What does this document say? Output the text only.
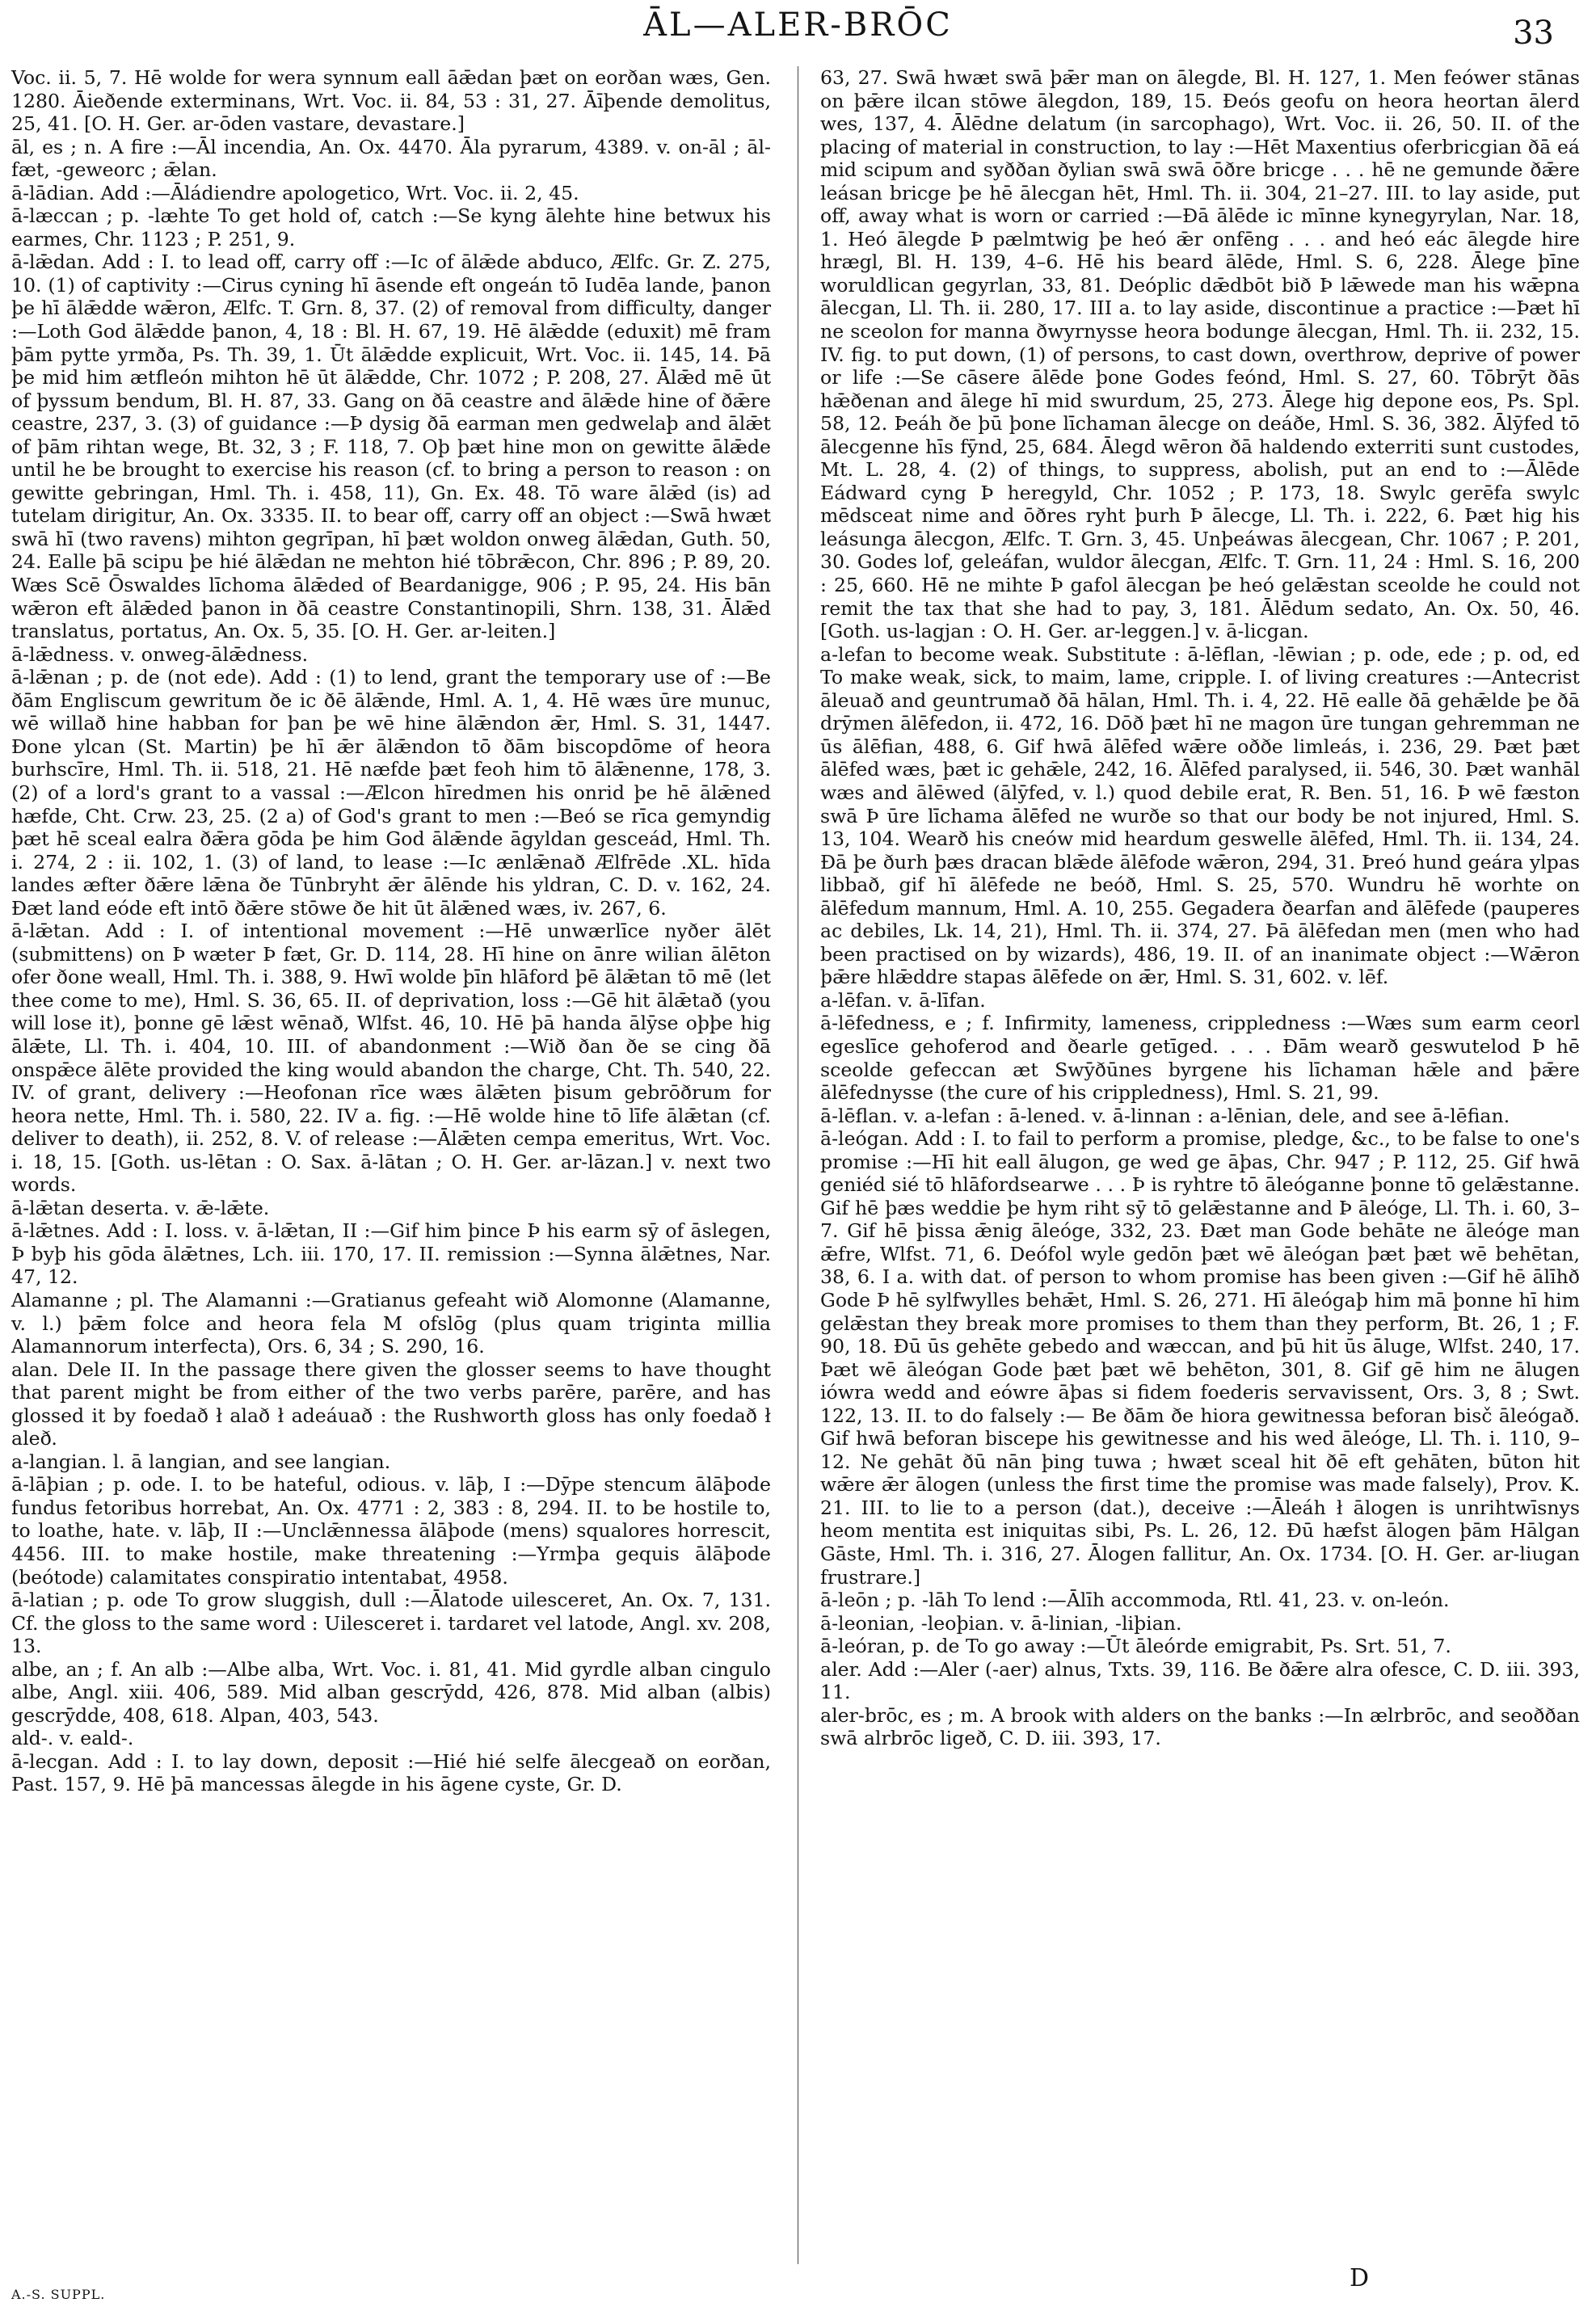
ĀL—ALER-BRŌC	33

Voc. ii. 5, 7. Hē wolde for wera synnum eall āǣdan þæt on eorðan wæs, Gen. 1280. Āieðende exterminans, Wrt. Voc. ii. 84, 53 : 31, 27. Āīþende demolitus, 25, 41. [O. H. Ger. ar-ōden vastare, devastare.]

āl, es ; n. A fire :—Āl incendia, An. Ox. 4470. Āla pyrarum, 4389. v. on-āl ; āl-fæt, -geweorc ; ǣlan.

ā-lādian. Add :—Āládiendre apologetico, Wrt. Voc. ii. 2, 45.

ā-læccan ; p. -læhte To get hold of, catch :—Se kyng ālehte hine betwux his earmes, Chr. 1123 ; P. 251, 9.

ā-lǣdan. Add : I. to lead off, carry off :—Ic of ālǣde abduco, Ælfc. Gr. Z. 275, 10. (1) of captivity :—Cirus cyning hī āsende eft ongeán tō Iudēa lande, þanon þe hī ālǣdde wǣron, Ælfc. T. Grn. 8, 37. (2) of removal from difficulty, danger :—Loth God ālǣdde þanon, 4, 18 : Bl. H. 67, 19. Hē ālǣdde (eduxit) mē fram þām pytte yrmða, Ps. Th. 39, 1. Ūt ālǣdde explicuit, Wrt. Voc. ii. 145, 14. Þā þe mid him ætfleón mihton hē ūt ālǣdde, Chr. 1072 ; P. 208, 27. Ālǣd mē ūt of þyssum bendum, Bl. H. 87, 33. Gang on ðā ceastre and ālǣde hine of ðǣre ceastre, 237, 3. (3) of guidance :—Þ dysig ðā earman men gedwelaþ and ālǣt of þām rihtan wege, Bt. 32, 3 ; F. 118, 7. Oþ þæt hine mon on gewitte ālǣde until he be brought to exercise his reason (cf. to bring a person to reason : on gewitte gebringan, Hml. Th. i. 458, 11), Gn. Ex. 48. Tō ware ālǣd (is) ad tutelam dirigitur, An. Ox. 3335. II. to bear off, carry off an object :—Swā hwæt swā hī (two ravens) mihton gegrīpan, hī þæt woldon onweg ālǣdan, Guth. 50, 24. Ealle þā scipu þe hié ālǣdan ne mehton hié tōbrǣcon, Chr. 896 ; P. 89, 20. Wæs Scē Ōswaldes līchoma ālǣded of Beardanigge, 906 ; P. 95, 24. His bān wǣron eft ālǣded þanon in ðā ceastre Constantinopili, Shrn. 138, 31. Ālǣd translatus, portatus, An. Ox. 5, 35. [O. H. Ger. ar-leiten.]

ā-lǣdness. v. onweg-ālǣdness.

ā-lǣnan ; p. de (not ede). Add : (1) to lend, grant the temporary use of :—Be ðām Engliscum gewritum ðe ic ðē ālǣnde, Hml. A. 1, 4. Hē wæs ūre munuc, wē willað hine habban for þan þe wē hine ālǣndon ǣr, Hml. S. 31, 1447. Ðone ylcan (St. Martin) þe hī ǣr ālǣndon tō ðām biscopdōme of heora burhscīre, Hml. Th. ii. 518, 21. Hē næfde þæt feoh him tō ālǣnenne, 178, 3. (2) of a lord's grant to a vassal :—Ælcon hīredmen his onrid þe hē ālǣned hæfde, Cht. Crw. 23, 25. (2 a) of God's grant to men :—Beó se rīca gemyndig þæt hē sceal ealra ðǣra gōda þe him God ālǣnde āgyldan gesceád, Hml. Th. i. 274, 2 : ii. 102, 1. (3) of land, to lease :—Ic ænlǣnað Ælfrēde .XL. hīda landes æfter ðǣre lǣna ðe Tūnbryht ǣr ālēnde his yldran, C. D. v. 162, 24. Ðæt land eóde eft intō ðǣre stōwe ðe hit ūt ālǣned wæs, iv. 267, 6.

ā-lǣtan. Add : I. of intentional movement :—Hē unwærlīce nyðer ālēt (submittens) on Þ wæter Þ fæt, Gr. D. 114, 28. Hī hine on ānre wilian ālēton ofer ðone weall, Hml. Th. i. 388, 9. Hwī wolde þīn hlāford þē ālǣtan tō mē (let thee come to me), Hml. S. 36, 65. II. of deprivation, loss :—Gē hit ālǣtað (you will lose it), þonne gē lǣst wēnað, Wlfst. 46, 10. Hē þā handa ālȳse oþþe hig ālǣte, Ll. Th. i. 404, 10. III. of abandonment :—Wið ðan ðe se cing ðā onspǣce ālēte provided the king would abandon the charge, Cht. Th. 540, 22. IV. of grant, delivery :—Heofonan rīce wæs ālǣten þisum gebrōðrum for heora nette, Hml. Th. i. 580, 22. IV a. fig. :—Hē wolde hine tō līfe ālǣtan (cf. deliver to death), ii. 252, 8. V. of release :—Ālǣten cempa emeritus, Wrt. Voc. i. 18, 15. [Goth. us-lētan : O. Sax. ā-lātan ; O. H. Ger. ar-lāzan.] v. next two words.

ā-lǣtan deserta. v. ǣ-lǣte.

ā-lǣtnes. Add : I. loss. v. ā-lǣtan, II :—Gif him þince Þ his earm sȳ of āslegen, Þ byþ his gōda ālǣtnes, Lch. iii. 170, 17. II. remission :—Synna ālǣtnes, Nar. 47, 12.

Alamanne ; pl. The Alamanni :—Gratianus gefeaht wið Alomonne (Alamanne, v. l.) þǣm folce and heora fela M ofslōg (plus quam triginta millia Alamannorum interfecta), Ors. 6, 34 ; S. 290, 16.

alan. Dele II. In the passage there given the glosser seems to have thought that parent might be from either of the two verbs parēre, parēre, and has glossed it by foedað ł alað ł adeáuað : the Rushworth gloss has only foedað ł aleð.

a-langian. l. ā langian, and see langian.

ā-lāþian ; p. ode. I. to be hateful, odious. v. lāþ, I :—Dȳpe stencum ālāþode fundus fetoribus horrebat, An. Ox. 4771 : 2, 383 : 8, 294. II. to be hostile to, to loathe, hate. v. lāþ, II :—Unclǣnnessa ālāþode (mens) squalores horrescit, 4456. III. to make hostile, make threatening :—Yrmþa gequis ālāþode (beótode) calamitates conspiratio intentabat, 4958.

ā-latian ; p. ode To grow sluggish, dull :—Ālatode uilesceret, An. Ox. 7, 131. Cf. the gloss to the same word : Uilesceret i. tardaret vel latode, Angl. xv. 208, 13.

albe, an ; f. An alb :—Albe alba, Wrt. Voc. i. 81, 41. Mid gyrdle alban cingulo albe, Angl. xiii. 406, 589. Mid alban gescrȳdd, 426, 878. Mid alban (albis) gescrȳdde, 408, 618. Alpan, 403, 543.

ald-. v. eald-.

ā-lecgan. Add : I. to lay down, deposit :—Hié hié selfe ālecgeað on eorðan, Past. 157, 9. Hē þā mancessas ālegde in his āgene cyste, Gr. D.

63, 27. Swā hwæt swā þǣr man on ālegde, Bl. H. 127, 1. Men feówer stānas on þǣre ilcan stōwe ālegdon, 189, 15. Ðeós geofu on heora heortan āleгd wes, 137, 4. Ālēdne delatum (in sarcophago), Wrt. Voc. ii. 26, 50. II. of the placing of material in construction, to lay :—Hēt Maxentius oferbricgian ðā eá mid scipum and syððan ðylian swā swā ōðre bricge . . . hē ne gemunde ðǣre leásan bricge þe hē ālecgan hēt, Hml. Th. ii. 304, 21–27. III. to lay aside, put off, away what is worn or carried :—Ðā ālēde ic mīnne kynegyrylan, Nar. 18, 1. Heó ālegde Þ pælmtwig þe heó ǣr onfēng . . . and heó eác ālegde hire hrægl, Bl. H. 139, 4–6. Hē his beard ālēde, Hml. S. 6, 228. Ālege þīne woruldlican gegyrlan, 33, 81. Deóplic dǣdbōt bið Þ lǣwede man his wǣpna ālecgan, Ll. Th. ii. 280, 17. III a. to lay aside, discontinue a practice :—Þæt hī ne sceolon for manna ðwyrnysse heora bodunge ālecgan, Hml. Th. ii. 232, 15. IV. fig. to put down, (1) of persons, to cast down, overthrow, deprive of power or life :—Se cāsere ālēde þone Godes feónd, Hml. S. 27, 60. Tōbrȳt ðās hǣðenan and ālege hī mid swurdum, 25, 273. Ālege hig depone eos, Ps. Spl. 58, 12. Þeáh ðe þū þone līchaman ālecge on deáðe, Hml. S. 36, 382. Ālȳfed tō ālecgenne hīs fȳnd, 25, 684. Ālegd wēron ðā haldendo exterriti sunt custodes, Mt. L. 28, 4. (2) of things, to suppress, abolish, put an end to :—Ālēde Eádward cyng Þ heregyld, Chr. 1052 ; P. 173, 18. Swylc gerēfa swylc mēdsceat nime and ōðres ryht þurh Þ ālecge, Ll. Th. i. 222, 6. Þæt hig his leásunga ālecgon, Ælfc. T. Grn. 3, 45. Unþeáwas ālecgean, Chr. 1067 ; P. 201, 30. Godes lof, geleáfan, wuldor ālecgan, Ælfc. T. Grn. 11, 24 : Hml. S. 16, 200 : 25, 660. Hē ne mihte Þ gafol ālecgan þe heó gelǣstan sceolde he could not remit the tax that she had to pay, 3, 181. Ālēdum sedato, An. Ox. 50, 46. [Goth. us-lagjan : O. H. Ger. ar-leggen.] v. ā-licgan.

a-lefan to become weak. Substitute : ā-lēflan, -lēwian ; p. ode, ede ; p. od, ed To make weak, sick, to maim, lame, cripple. I. of living creatures :—Antecrist āleuað and geuntrumað ðā hālan, Hml. Th. i. 4, 22. Hē ealle ðā gehǣlde þe ðā drȳmen ālēfedon, ii. 472, 16. Dōð þæt hī ne magon ūre tungan gehremman ne ūs ālēfian, 488, 6. Gif hwā ālēfed wǣre oððe limleás, i. 236, 29. Þæt þæt ālēfed wæs, þæt ic gehǣle, 242, 16. Ālēfed paralysed, ii. 546, 30. Þæt wanhāl wæs and ālēwed (ālȳfed, v. l.) quod debile erat, R. Ben. 51, 16. Þ wē fæston swā Þ ūre līchama ālēfed ne wurðe so that our body be not injured, Hml. S. 13, 104. Wearð his cneów mid heardum geswelle ālēfed, Hml. Th. ii. 134, 24. Ðā þe ðurh þæs dracan blǣde ālēfode wǣron, 294, 31. Þreó hund geára ylpas libbað, gif hī ālēfede ne beóð, Hml. S. 25, 570. Wundru hē worhte on ālēfedum mannum, Hml. A. 10, 255. Gegadera ðearfan and ālēfede (pauperes ac debiles, Lk. 14, 21), Hml. Th. ii. 374, 27. Þā ālēfedan men (men who had been practised on by wizards), 486, 19. II. of an inanimate object :—Wǣron þǣre hlǣddre stapas ālēfede on ǣr, Hml. S. 31, 602. v. lēf.

a-lēfan. v. ā-līfan.

ā-lēfedness, e ; f. Infirmity, lameness, crippledness :—Wæs sum earm ceorl egeslīce gehoferod and ðearle getīged. . . . Ðām wearð geswutelod Þ hē sceolde gefeccan æt Swȳðūnes byrgene his līchaman hǣle and þǣre ālēfednysse (the cure of his crippledness), Hml. S. 21, 99.

ā-lēflan. v. a-lefan : ā-lened. v. ā-linnan : a-lēnian, dele, and see ā-lēfian.

ā-leógan. Add : I. to fail to perform a promise, pledge, &c., to be false to one's promise :—Hī hit eall ālugon, ge wed ge āþas, Chr. 947 ; P. 112, 25. Gif hwā geniéd sié tō hlāfordsearwe . . . Þ is ryhtre tō āleóganne þonne tō gelǣstanne. Gif hē þæs weddie þe hym riht sȳ tō gelǣstanne and Þ āleóge, Ll. Th. i. 60, 3–7. Gif hē þissa ǣnig āleóge, 332, 23. Ðæt man Gode behāte ne āleóge man ǣfre, Wlfst. 71, 6. Deófol wyle gedōn þæt wē āleógan þæt þæt wē behētan, 38, 6. I a. with dat. of person to whom promise has been given :—Gif hē ālīhð Gode Þ hē sylfwylles behǣt, Hml. S. 26, 271. Hī āleógaþ him mā þonne hī him gelǣstan they break more promises to them than they perform, Bt. 26, 1 ; F. 90, 18. Ðū ūs gehēte gebedo and wæccan, and þū hit ūs āluge, Wlfst. 240, 17. Þæt wē āleógan Gode þæt þæt wē behēton, 301, 8. Gif gē him ne ālugen iówra wedd and eówre āþas si fidem foederis servavissent, Ors. 3, 8 ; Swt. 122, 13. II. to do falsely :— Be ðām ðe hiora gewitnessa beforan bisč āleógað. Gif hwā beforan biscepe his gewitnesse and his wed āleóge, Ll. Th. i. 110, 9–12. Ne gehāt ðū nān þing tuwa ; hwæt sceal hit ðē eft gehāten, būton hit wǣre ǣr ālogen (unless the first time the promise was made falsely), Prov. K. 21. III. to lie to a person (dat.), deceive :—Āleáh ł ālogen is unrihtwīsnys heom mentita est iniquitas sibi, Ps. L. 26, 12. Ðū hæfst ālogen þām Hālgan Gāste, Hml. Th. i. 316, 27. Ālogen fallitur, An. Ox. 1734. [O. H. Ger. ar-liugan frustrare.]

ā-leōn ; p. -lāh To lend :—Ālīh accommoda, Rtl. 41, 23. v. on-león.

ā-leonian, -leoþian. v. ā-linian, -liþian.

ā-leóran, p. de To go away :—Ūt āleórde emigrabit, Ps. Srt. 51, 7.

aler. Add :—Aler (-aer) alnus, Txts. 39, 116. Be ðǣre alra ofesce, C. D. iii. 393, 11.

aler-brōc, es ; m. A brook with alders on the banks :—In ælrbrōc, and seoððan swā alrbrōc ligeð, C. D. iii. 393, 17.

A.-S. SUPPL.
D
